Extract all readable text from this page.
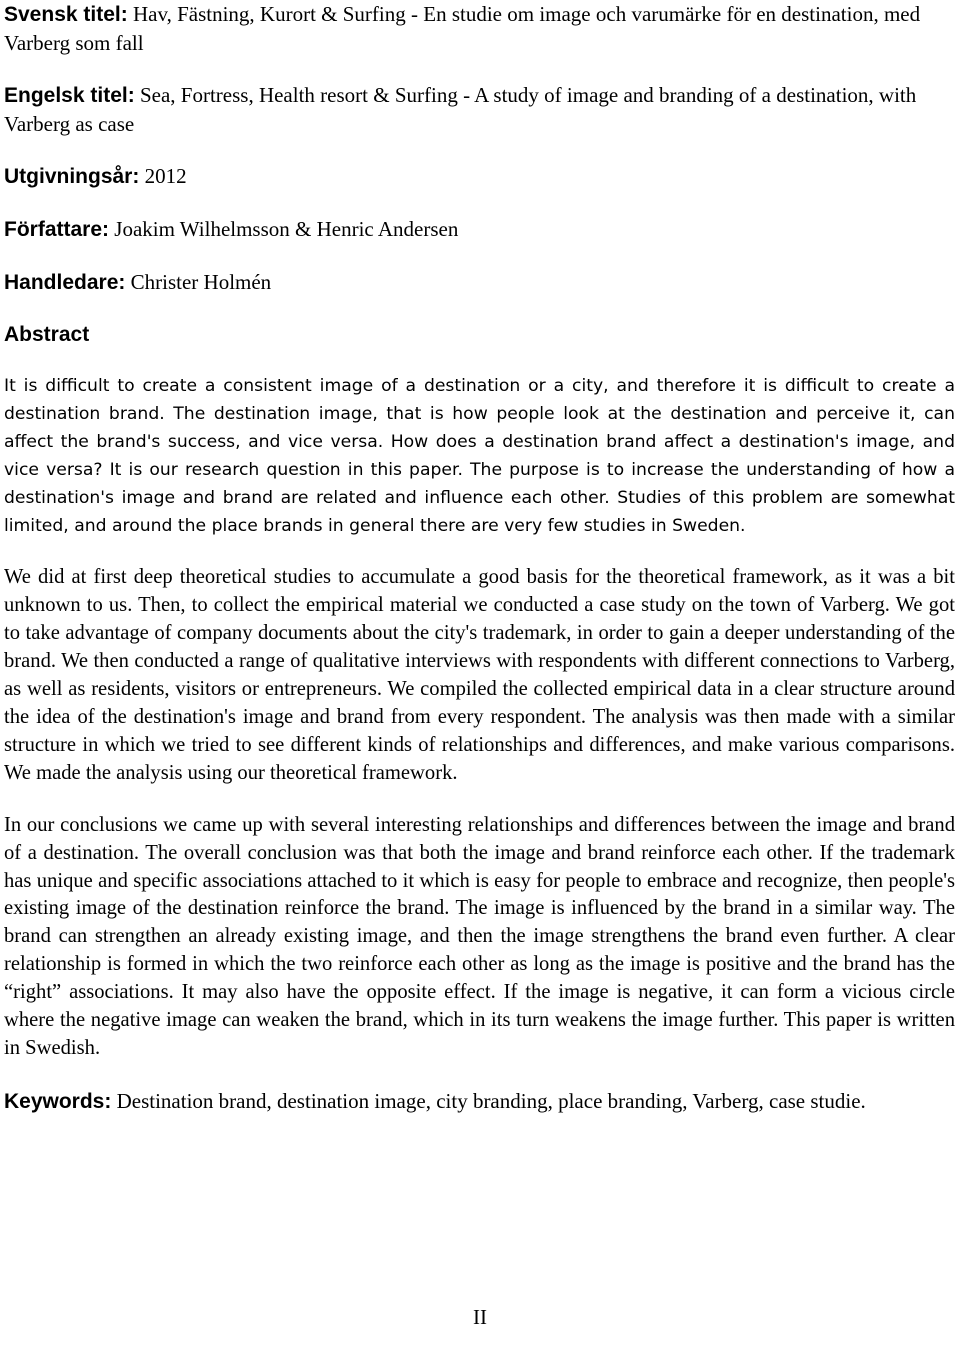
Svensk titel: Hav, Fästning, Kurort & Surfing - En studie om image och varumärke för en destination, med Varberg som fall

Engelsk titel: Sea, Fortress, Health resort & Surfing - A study of image and branding of a destination, with Varberg as case

Utgivningsår: 2012

Författare: Joakim Wilhelmsson & Henric Andersen

Handledare: Christer Holmén

Abstract

It is difficult to create a consistent image of a destination or a city, and therefore it is difficult to create a destination brand. The destination image, that is how people look at the destination and perceive it, can affect the brand's success, and vice versa. How does a destination brand affect a destination's image, and vice versa? It is our research question in this paper. The purpose is to increase the understanding of how a destination's image and brand are related and influence each other. Studies of this problem are somewhat limited, and around the place brands in general there are very few studies in Sweden.

We did at first deep theoretical studies to accumulate a good basis for the theoretical framework, as it was a bit unknown to us. Then, to collect the empirical material we conducted a case study on the town of Varberg. We got to take advantage of company documents about the city's trademark, in order to gain a deeper understanding of the brand. We then conducted a range of qualitative interviews with respondents with different connections to Varberg, as well as residents, visitors or entrepreneurs. We compiled the collected empirical data in a clear structure around the idea of the destination's image and brand from every respondent. The analysis was then made with a similar structure in which we tried to see different kinds of relationships and differences, and make various comparisons. We made the analysis using our theoretical framework.

In our conclusions we came up with several interesting relationships and differences between the image and brand of a destination. The overall conclusion was that both the image and brand reinforce each other. If the trademark has unique and specific associations attached to it which is easy for people to embrace and recognize, then people's existing image of the destination reinforce the brand. The image is influenced by the brand in a similar way. The brand can strengthen an already existing image, and then the image strengthens the brand even further. A clear relationship is formed in which the two reinforce each other as long as the image is positive and the brand has the “right” associations. It may also have the opposite effect. If the image is negative, it can form a vicious circle where the negative image can weaken the brand, which in its turn weakens the image further. This paper is written in Swedish.

Keywords: Destination brand, destination image, city branding, place branding, Varberg, case studie.

II
